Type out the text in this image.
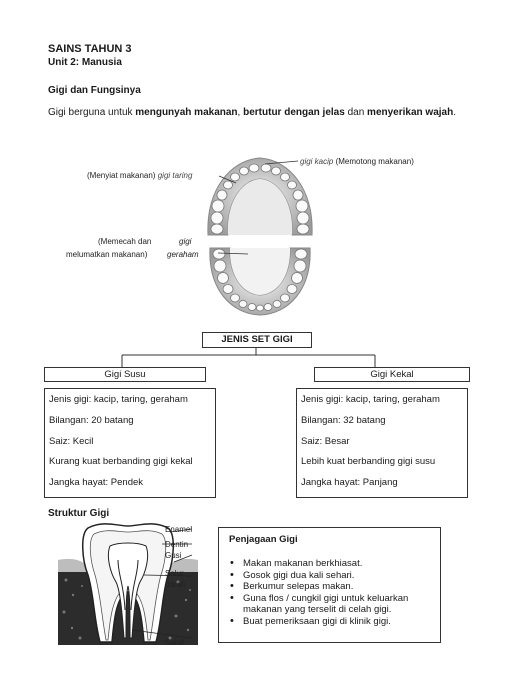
SAINS TAHUN 3
Unit 2: Manusia
Gigi dan Fungsinya
Gigi berguna untuk mengunyah makanan, bertutur dengan jelas dan menyerikan wajah.
gigi kacip (Memotong makanan)
(Menyiat makanan) gigi taring
(Memecah dan
melumatkan makanan)
gigi
geraham
JENIS SET GIGI
Gigi Susu
Jenis gigi: kacip, taring, geraham
Bilangan: 20 batang
Saiz: Kecil
Kurang kuat berbanding gigi kekal
Jangka hayat: Pendek
Gigi Kekal
Jenis gigi: kacip, taring, geraham
Bilangan: 32 batang
Saiz: Besar
Lebih kuat berbanding gigi susu
Jangka hayat: Panjang
Struktur Gigi
Enamel
Dentin
Gusi
Salur
darah
Saraf
Penjagaan Gigi
• Makan makanan berkhiasat.
• Gosok gigi dua kali sehari.
• Berkumur selepas makan.
• Guna flos / cungkil gigi untuk keluarkan makanan yang terselit di celah gigi.
• Buat pemeriksaan gigi di klinik gigi.
